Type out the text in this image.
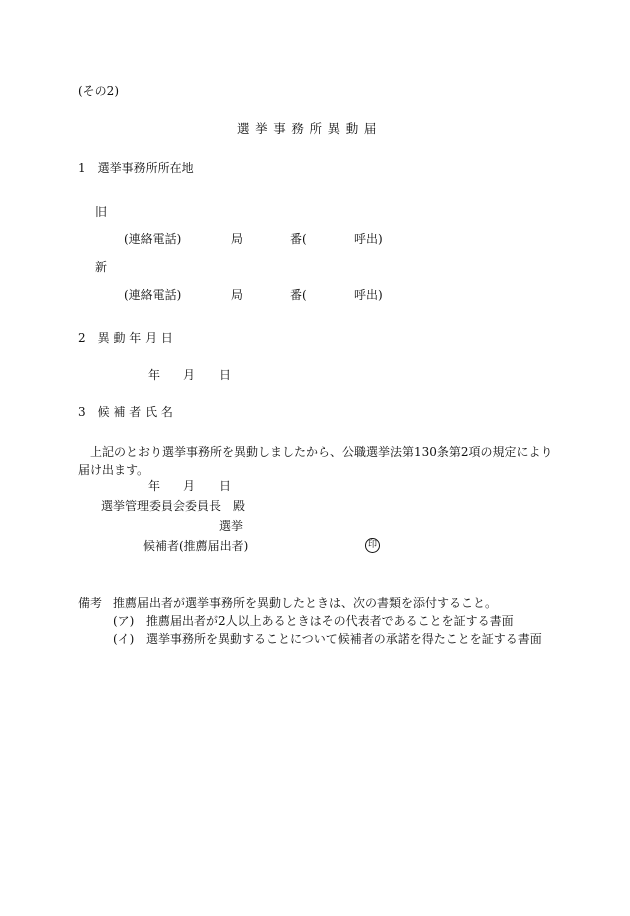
(その2)
選挙事務所異動届
1　選挙事務所所在地
旧
(連絡電話)	局	番(	呼出)
新
(連絡電話)	局	番(	呼出)
2　異 動 年 月 日
年 月 日
3　候 補 者 氏 名
　上記のとおり選挙事務所を異動しましたから、公職選挙法第130条第2項の規定により届け出ます。
年 月 日
選挙管理委員会委員長　殿
選挙
候補者(推薦届出者)	印
備考 推薦届出者が選挙事務所を異動したときは、次の書類を添付すること。
(ア) 推薦届出者が2人以上あるときはその代表者であることを証する書面
(イ) 選挙事務所を異動することについて候補者の承諾を得たことを証する書面
